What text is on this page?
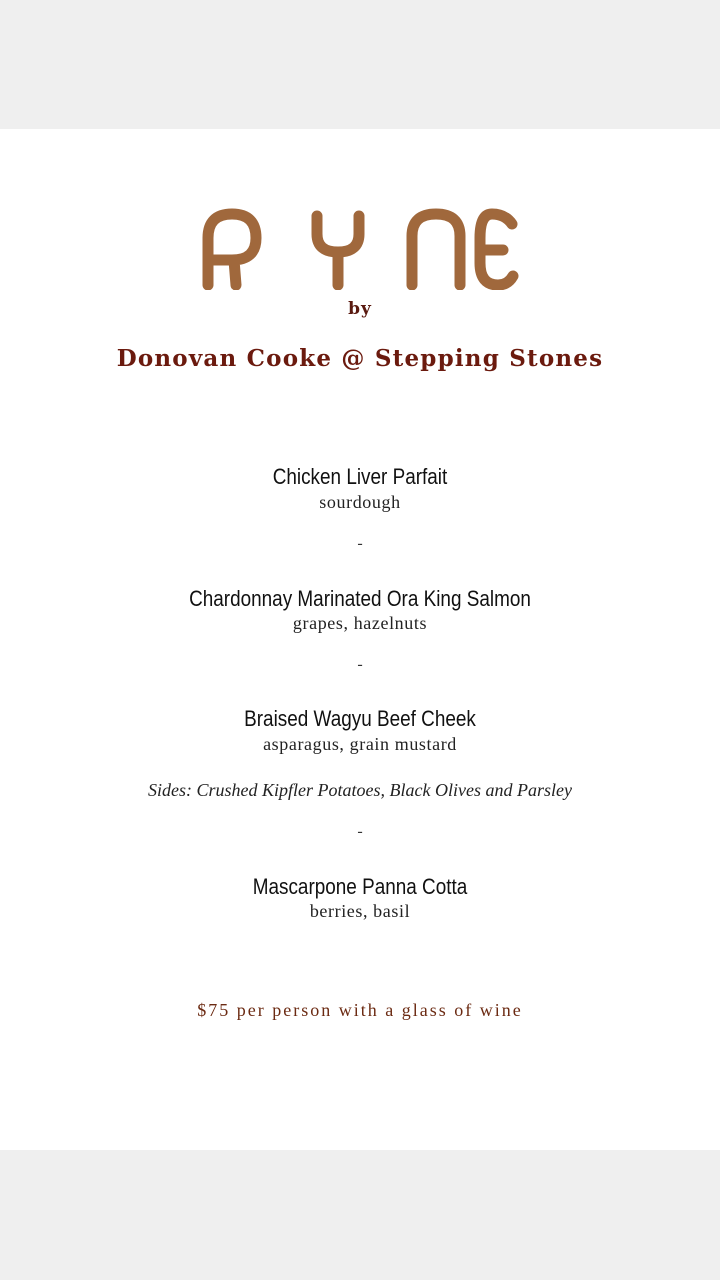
RYNE
by
Donovan Cooke @ Stepping Stones
Chicken Liver Parfait
sourdough
-
Chardonnay Marinated Ora King Salmon
grapes, hazelnuts
-
Braised Wagyu Beef Cheek
asparagus, grain mustard
Sides: Crushed Kipfler Potatoes, Black Olives and Parsley
-
Mascarpone Panna Cotta
berries, basil
$75 per person with a glass of wine
